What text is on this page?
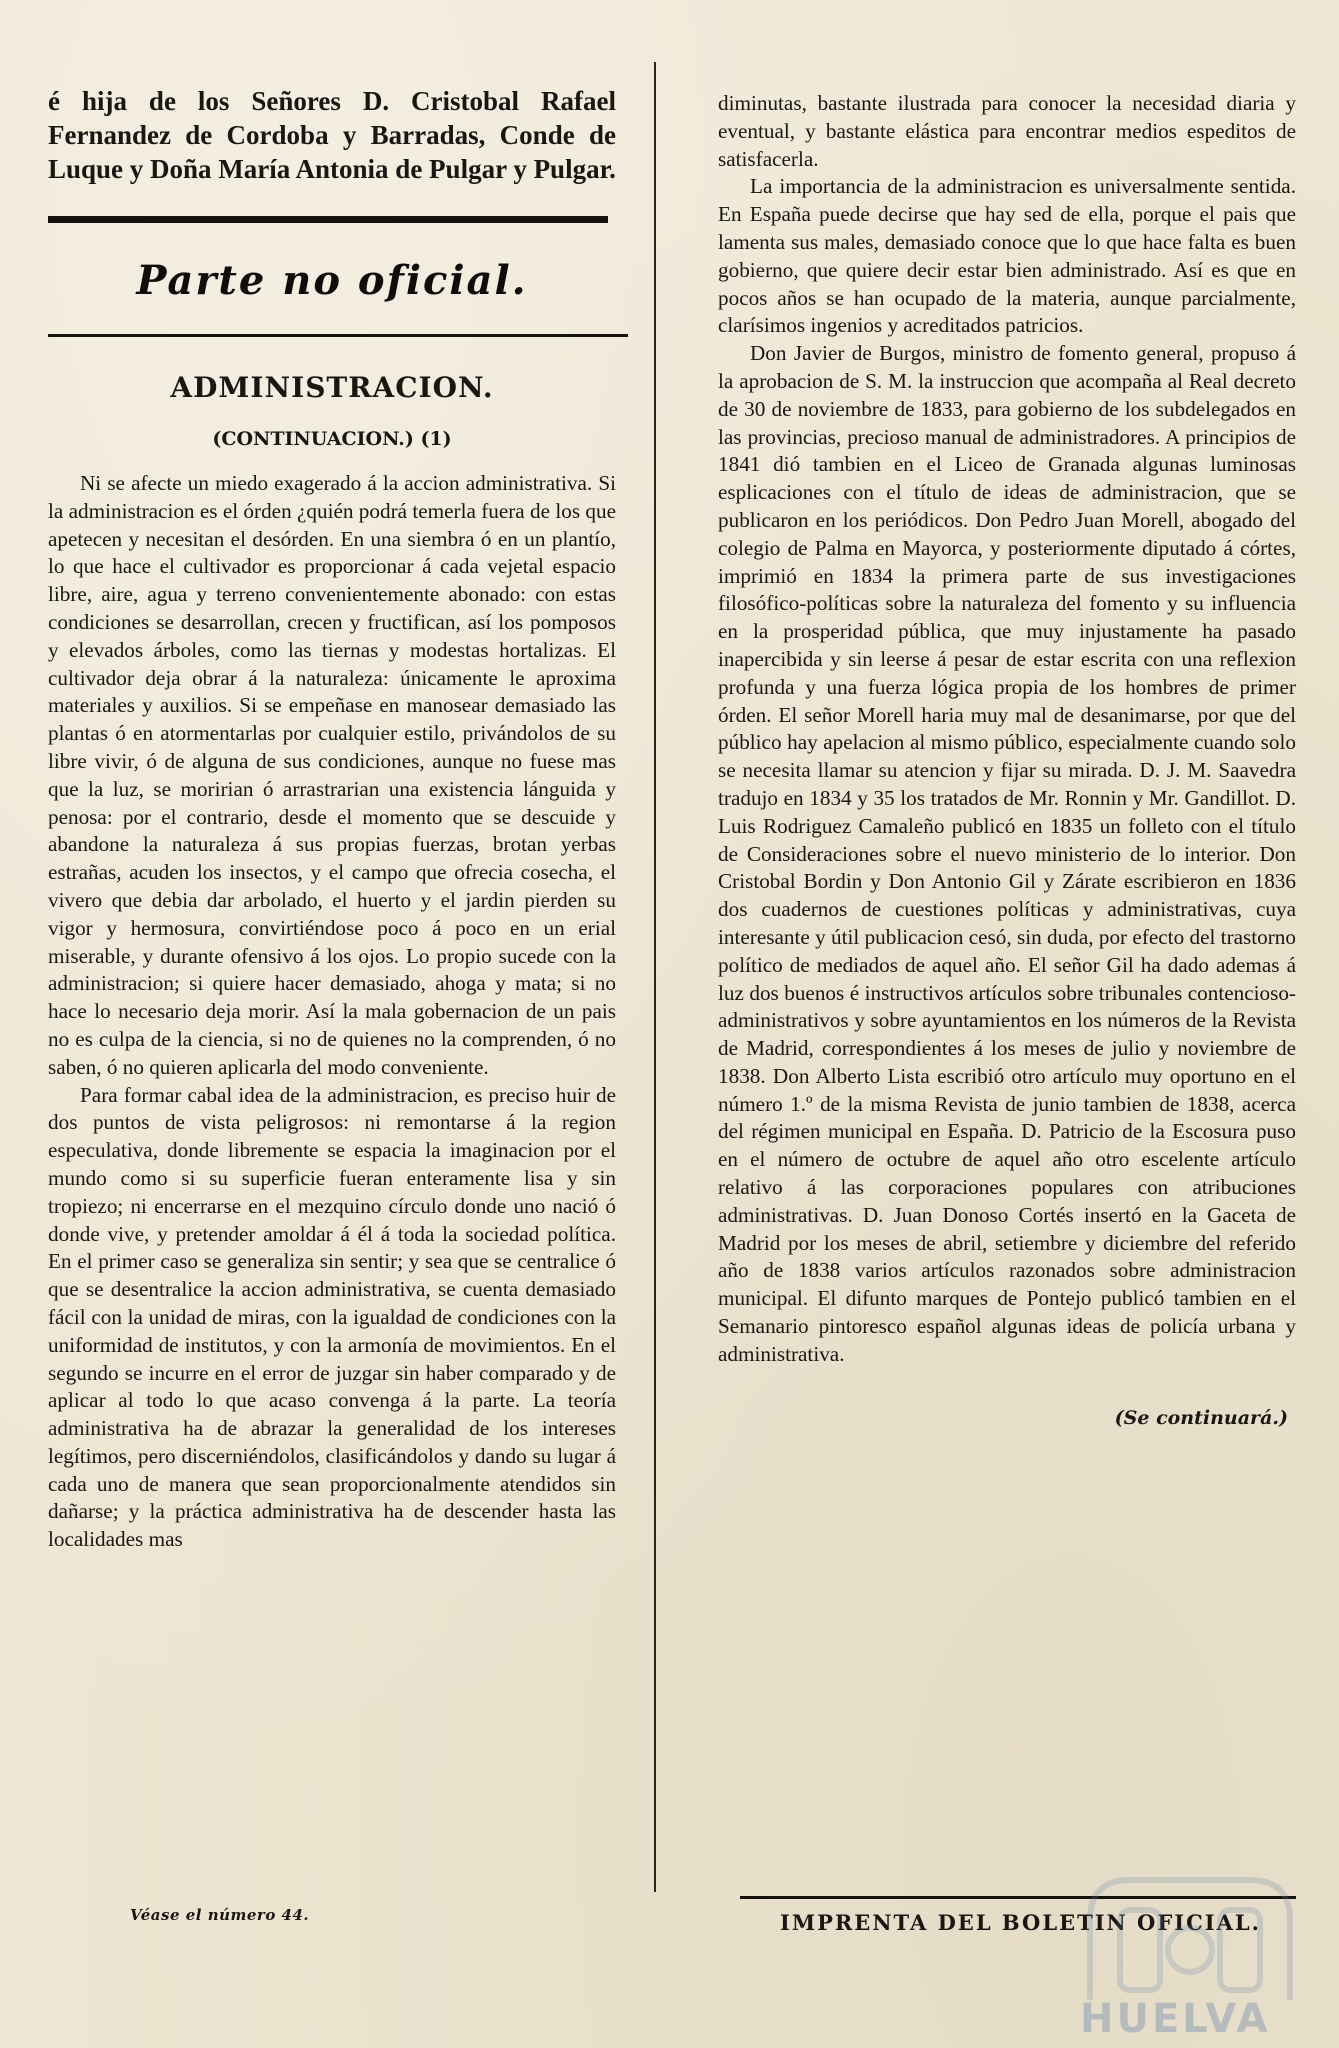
é hija de los Señores D. Cristobal Rafael Fernandez de Cordoba y Barradas, Conde de Luque y Doña María Antonia de Pulgar y Pulgar.

Parte no oficial.
ADMINISTRACION.
(CONTINUACION.) (1)

Ni se afecte un miedo exagerado á la accion administrativa. Si la administracion es el órden ¿quién podrá temerla fuera de los que apetecen y necesitan el desórden. En una siembra ó en un plantío, lo que hace el cultivador es proporcionar á cada vejetal espacio libre, aire, agua y terreno convenientemente abonado: con estas condiciones se desarrollan, crecen y fructifican, así los pomposos y elevados árboles, como las tiernas y modestas hortalizas. El cultivador deja obrar á la naturaleza: únicamente le aproxima materiales y auxilios. Si se empeñase en manosear demasiado las plantas ó en atormentarlas por cualquier estilo, privándolos de su libre vivir, ó de alguna de sus condiciones, aunque no fuese mas que la luz, se moririan ó arrastrarian una existencia lánguida y penosa: por el contrario, desde el momento que se descuide y abandone la naturaleza á sus propias fuerzas, brotan yerbas estrañas, acuden los insectos, y el campo que ofrecia cosecha, el vivero que debia dar arbolado, el huerto y el jardin pierden su vigor y hermosura, convirtiéndose poco á poco en un erial miserable, y durante ofensivo á los ojos. Lo propio sucede con la administracion; si quiere hacer demasiado, ahoga y mata; si no hace lo necesario deja morir. Así la mala gobernacion de un pais no es culpa de la ciencia, si no de quienes no la comprenden, ó no saben, ó no quieren aplicarla del modo conveniente.

Para formar cabal idea de la administracion, es preciso huir de dos puntos de vista peligrosos: ni remontarse á la region especulativa, donde libremente se espacia la imaginacion por el mundo como si su superficie fueran enteramente lisa y sin tropiezo; ni encerrarse en el mezquino círculo donde uno nació ó donde vive, y pretender amoldar á él á toda la sociedad política. En el primer caso se generaliza sin sentir; y sea que se centralice ó que se desentralice la accion administrativa, se cuenta demasiado fácil con la unidad de miras, con la igualdad de condiciones con la uniformidad de institutos, y con la armonía de movimientos. En el segundo se incurre en el error de juzgar sin haber comparado y de aplicar al todo lo que acaso convenga á la parte. La teoría administrativa ha de abrazar la generalidad de los intereses legítimos, pero discerniéndolos, clasificándolos y dando su lugar á cada uno de manera que sean proporcionalmente atendidos sin dañarse; y la práctica administrativa ha de descender hasta las localidades mas

diminutas, bastante ilustrada para conocer la necesidad diaria y eventual, y bastante elástica para encontrar medios espeditos de satisfacerla.

La importancia de la administracion es universalmente sentida. En España puede decirse que hay sed de ella, porque el pais que lamenta sus males, demasiado conoce que lo que hace falta es buen gobierno, que quiere decir estar bien administrado. Así es que en pocos años se han ocupado de la materia, aunque parcialmente, clarísimos ingenios y acreditados patricios.

Don Javier de Burgos, ministro de fomento general, propuso á la aprobacion de S. M. la instruccion que acompaña al Real decreto de 30 de noviembre de 1833, para gobierno de los subdelegados en las provincias, precioso manual de administradores. A principios de 1841 dió tambien en el Liceo de Granada algunas luminosas esplicaciones con el título de ideas de administracion, que se publicaron en los periódicos. Don Pedro Juan Morell, abogado del colegio de Palma en Mayorca, y posteriormente diputado á córtes, imprimió en 1834 la primera parte de sus investigaciones filosófico-políticas sobre la naturaleza del fomento y su influencia en la prosperidad pública, que muy injustamente ha pasado inapercibida y sin leerse á pesar de estar escrita con una reflexion profunda y una fuerza lógica propia de los hombres de primer órden. El señor Morell haria muy mal de desanimarse, por que del público hay apelacion al mismo público, especialmente cuando solo se necesita llamar su atencion y fijar su mirada. D. J. M. Saavedra tradujo en 1834 y 35 los tratados de Mr. Ronnin y Mr. Gandillot. D. Luis Rodriguez Camaleño publicó en 1835 un folleto con el título de Consideraciones sobre el nuevo ministerio de lo interior. Don Cristobal Bordin y Don Antonio Gil y Zárate escribieron en 1836 dos cuadernos de cuestiones políticas y administrativas, cuya interesante y útil publicacion cesó, sin duda, por efecto del trastorno político de mediados de aquel año. El señor Gil ha dado ademas á luz dos buenos é instructivos artículos sobre tribunales contencioso-administrativos y sobre ayuntamientos en los números de la Revista de Madrid, correspondientes á los meses de julio y noviembre de 1838. Don Alberto Lista escribió otro artículo muy oportuno en el número 1.º de la misma Revista de junio tambien de 1838, acerca del régimen municipal en España. D. Patricio de la Escosura puso en el número de octubre de aquel año otro escelente artículo relativo á las corporaciones populares con atribuciones administrativas. D. Juan Donoso Cortés insertó en la Gaceta de Madrid por los meses de abril, setiembre y diciembre del referido año de 1838 varios artículos razonados sobre administracion municipal. El difunto marques de Pontejo publicó tambien en el Semanario pintoresco español algunas ideas de policía urbana y administrativa.

(Se continuará.)
Véase el número 44.	IMPRENTA DEL BOLETIN OFICIAL.
HUELVA
